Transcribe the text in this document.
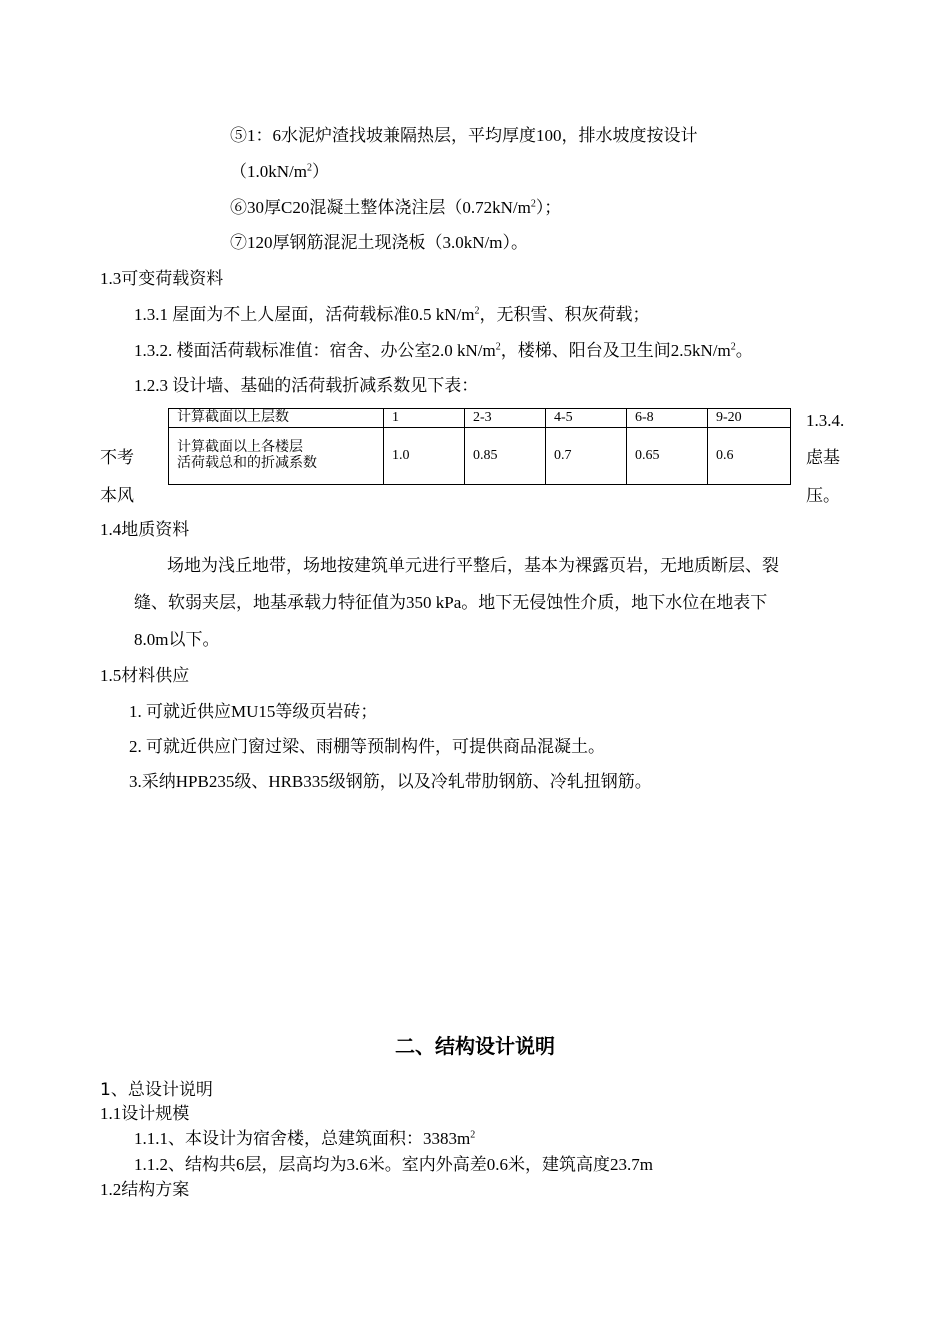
⑤1：6水泥炉渣找坡兼隔热层，平均厚度100，排水坡度按设计
$(1.0kN/m^2)$
⑥30厚C20混凝土整体浇注层$(0.72kN/m^2)$；
⑦120厚钢筋混泥土现浇板（3.0kN/m）。
1.3可变荷载资料
1.3.1 屋面为不上人屋面，活荷载标准0.5 $kN/m^2$，无积雪、积灰荷载；
1.3.2. 楼面活荷载标准值：宿舍、办公室2.0 $kN/m^2$，楼梯、阳台及卫生间$2.5kN/m^2$。
1.2.3 设计墙、基础的活荷载折减系数见下表：
计算截面以上层数	1	2-3	4-5	6-8	9-20

计算截面以上各楼层
活荷载总和的折减系数	1.0	0.85	0.7	0.65	0.6
不考
本风
1.3.4.
虑基
压。
1.4地质资料
场地为浅丘地带，场地按建筑单元进行平整后，基本为裸露页岩，无地质断层、裂
缝、软弱夹层，地基承载力特征值为350 kPa。地下无侵蚀性介质，地下水位在地表下
8.0m以下。
1.5材料供应
1. 可就近供应MU15等级页岩砖；
2. 可就近供应门窗过梁、雨棚等预制构件，可提供商品混凝土。
3.采纳HPB235级、HRB335级钢筋，以及冷轧带肋钢筋、冷轧扭钢筋。
二、结构设计说明
1、总设计说明
1.1设计规模
1.1.1、本设计为宿舍楼，总建筑面积：$3383m^2$
1.1.2、结构共6层，层高均为3.6米。室内外高差0.6米，建筑高度23.7m
1.2结构方案
